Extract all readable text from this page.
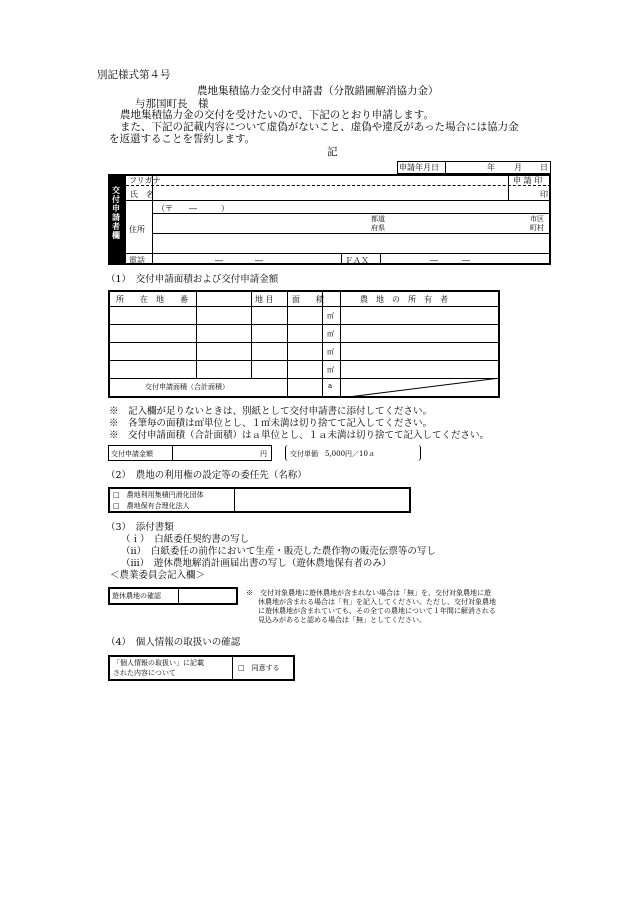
別記様式第４号
農地集積協力金交付申請書（分散錯圃解消協力金）
与那国町長　様
農地集積協力金の交付を受けたいので、下記のとおり申請します。
また、下記の記載内容について虚偽がないこと、虚偽や違反があった場合には協力金
を返還することを誓約します。
記
申請年月日	年 月 日
交付申請者欄
フリガナ	申 請 印
氏　名	印
（〒　　―　　　）
住所
都道
府県
市区
町村
電話	―　　　　―	ＦＡＸ	―　　　―
（1）　交付申請面積および交付申請金額
所　　在　地　　番	地 目 面　　積	農　地　の　所　有　者
㎡
㎡
㎡
㎡
交付申請面積（合計面積）	a
※　記入欄が足りないときは、別紙として交付申請書に添付してください。
※　各筆毎の面積は㎡単位とし、１㎡未満は切り捨てて記入してください。
※　交付申請面積（合計面積）はａ単位とし、１ａ未満は切り捨てて記入してください。
交付申請金額	円	交付単価　5,000円／10ａ
（2）　農地の利用権の設定等の委任先（名称）
□　農地利用集積円滑化団体
□　農地保有合理化法人
（3）　添付書類
（ｉ）　白紙委任契約書の写し
（ⅱ）　白紙委任の前作において生産・販売した農作物の販売伝票等の写し
（ⅲ）　遊休農地解消計画届出書の写し（遊休農地保有者のみ）
＜農業委員会記入欄＞
遊休農地の確認	※　交付対象農地に遊休農地が含まれない場合は「無」を、交付対象農地に遊
休農地が含まれる場合は「有」を記入してください。ただし、交付対象農地
に遊休農地が含まれていても、その全ての農地について１年間に解消される
見込みがあると認める場合は「無」としてください。
（4）　個人情報の取扱いの確認
「個人情報の取扱い」に記載
された内容について
□　同意する
